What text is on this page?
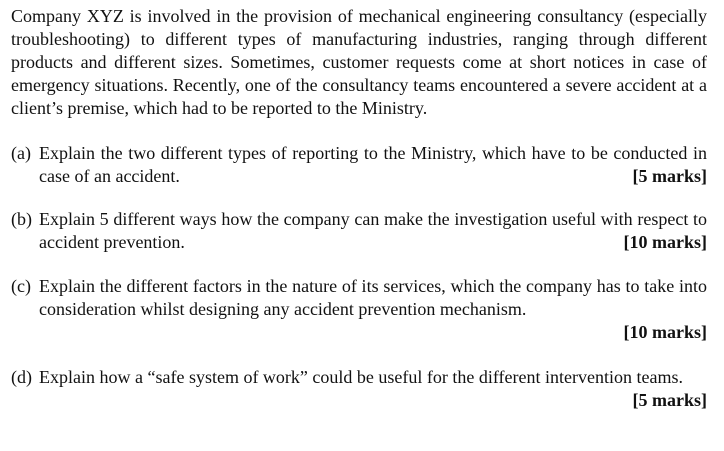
Company XYZ is involved in the provision of mechanical engineering consultancy (especially troubleshooting) to different types of manufacturing industries, ranging through different products and different sizes. Sometimes, customer requests come at short notices in case of emergency situations. Recently, one of the consultancy teams encountered a severe accident at a client’s premise, which had to be reported to the Ministry.

(a) Explain the two different types of reporting to the Ministry, which have to be conducted in case of an accident.	[5 marks]
(b) Explain 5 different ways how the company can make the investigation useful with respect to accident prevention.	[10 marks]
(c) Explain the different factors in the nature of its services, which the company has to take into consideration whilst designing any accident prevention mechanism.
[10 marks]
(d) Explain how a “safe system of work” could be useful for the different intervention teams.
[5 marks]
